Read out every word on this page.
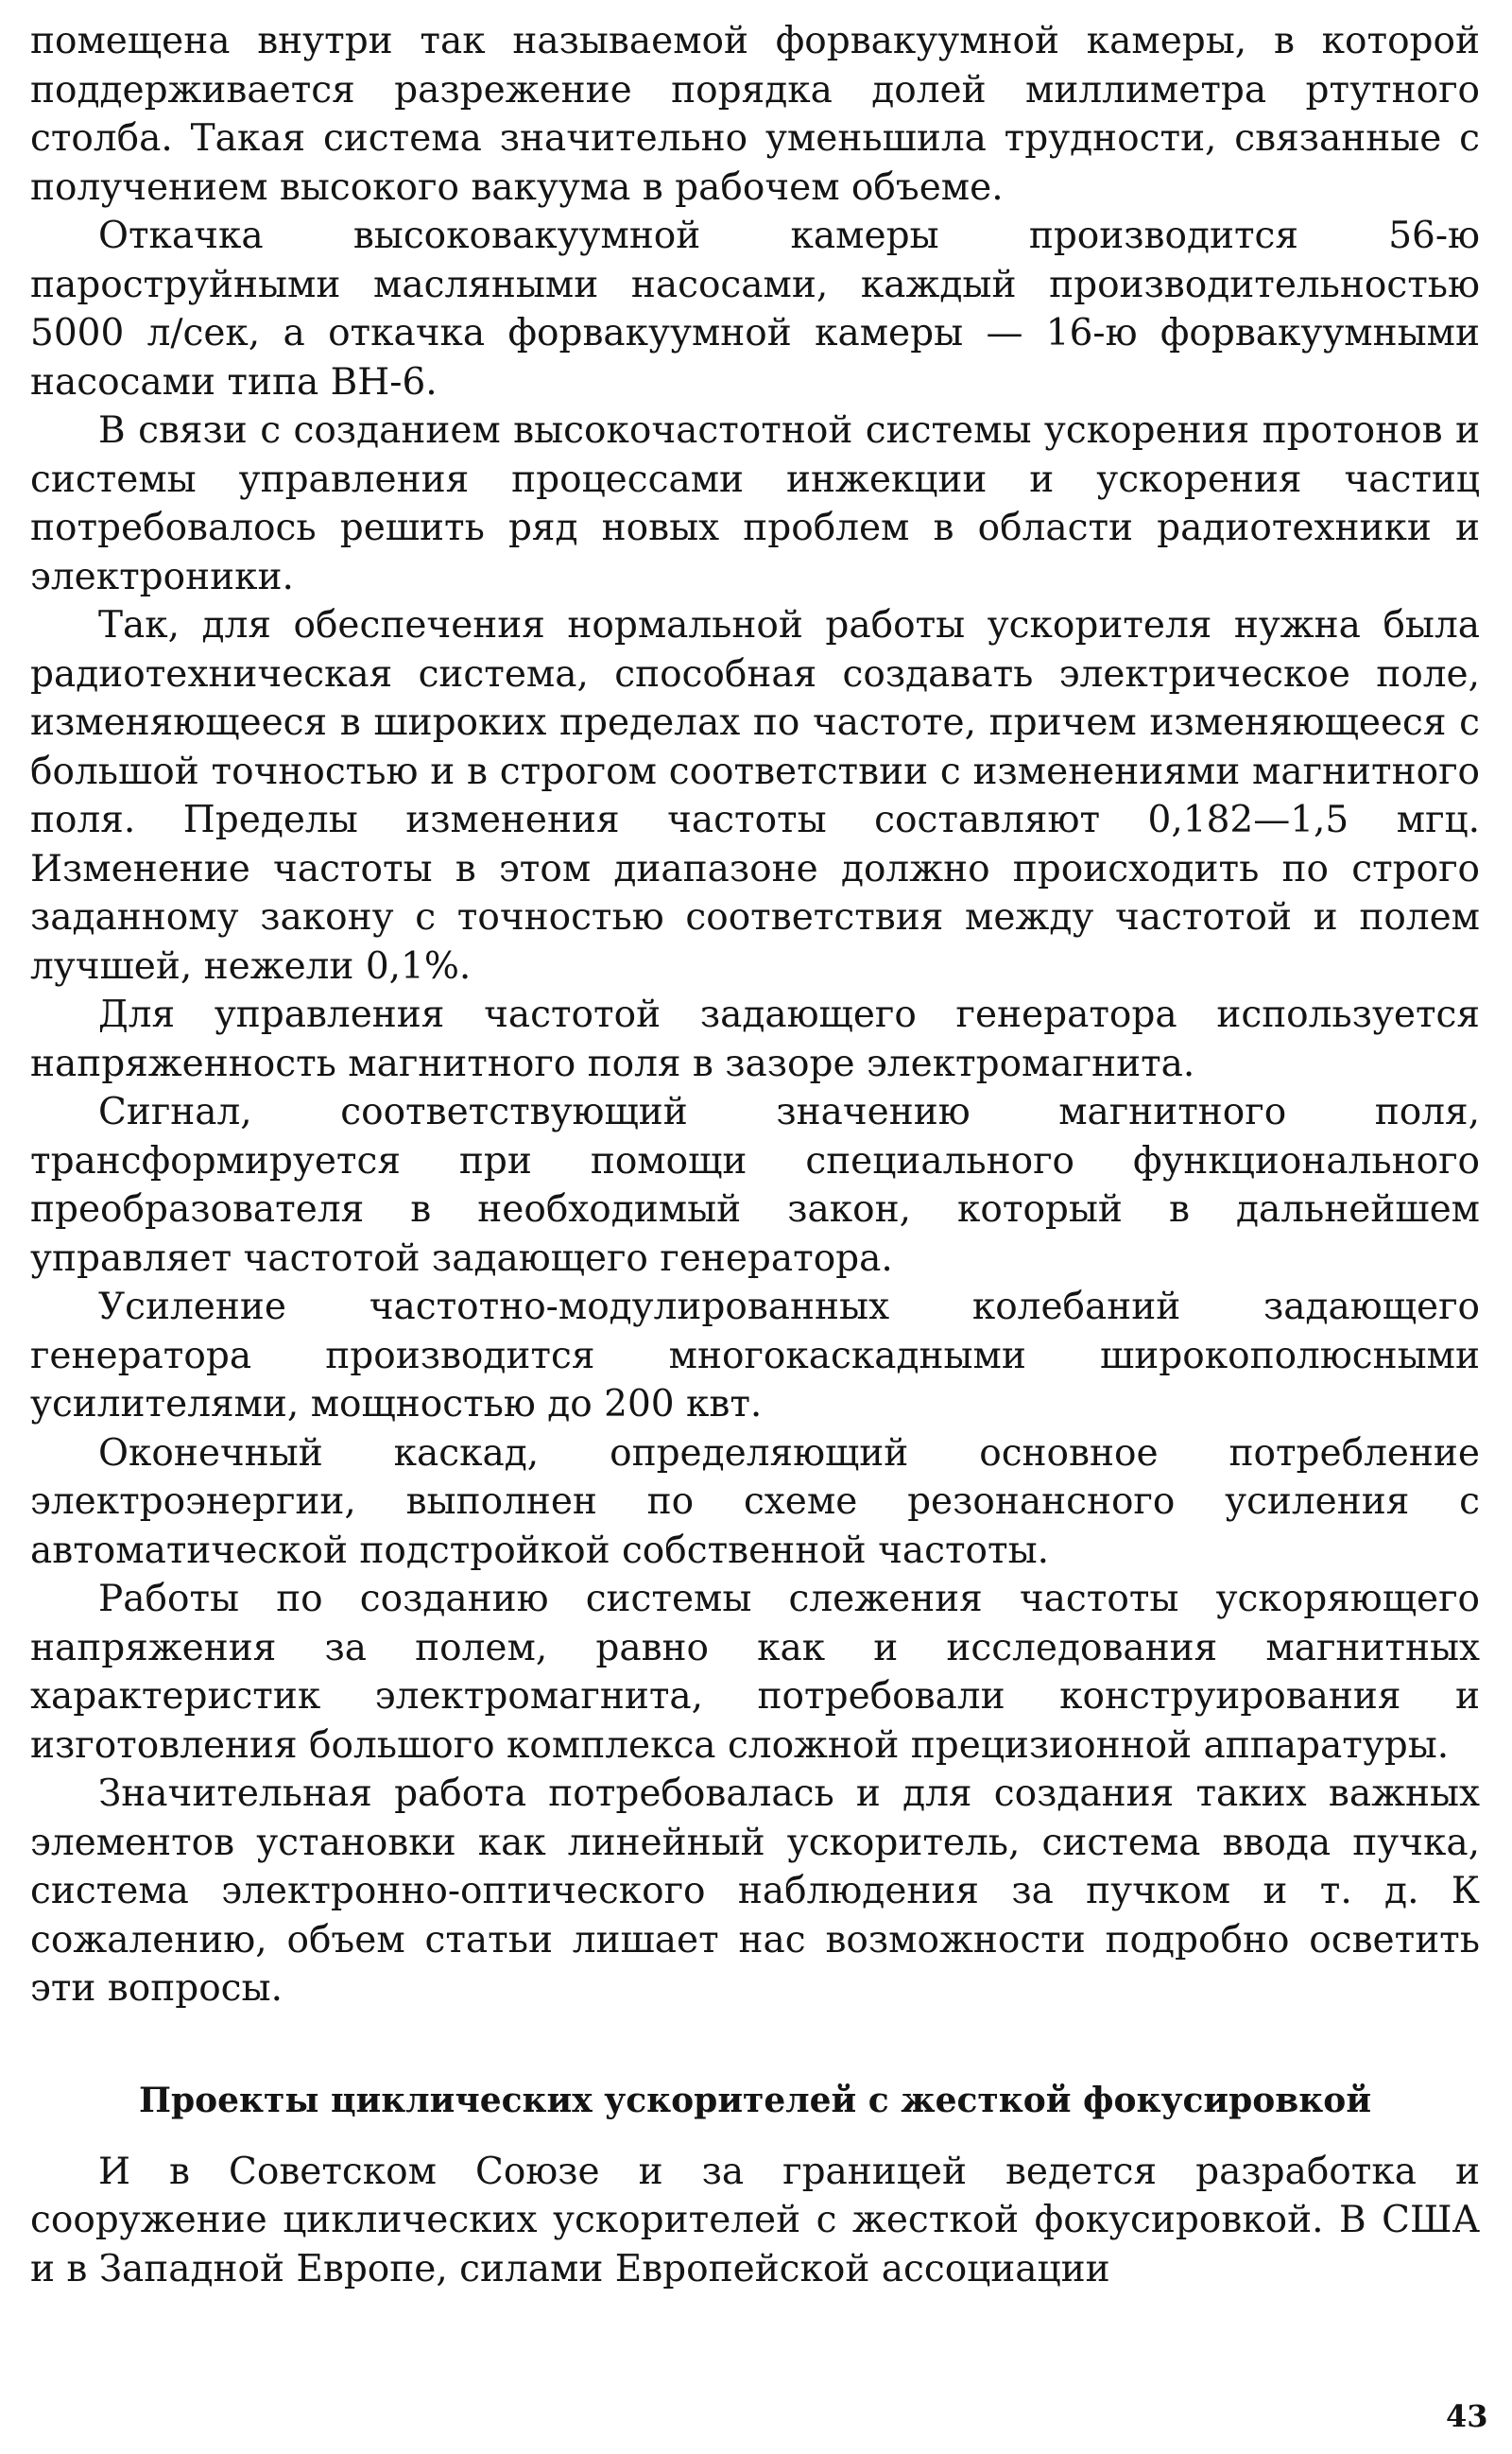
помещена внутри так называемой форвакуумной камеры, в которой поддерживается разрежение порядка долей миллиметра ртутного столба. Такая система значительно уменьшила трудности, связанные с получением высокого вакуума в рабочем объеме.

Откачка высоковакуумной камеры производится 56-ю пароструйными масляными насосами, каждый производительностью 5000 л/сек, а откачка форвакуумной камеры — 16-ю форвакуумными насосами типа ВН-6.

В связи с созданием высокочастотной системы ускорения протонов и системы управления процессами инжекции и ускорения частиц потребовалось решить ряд новых проблем в области радиотехники и электроники.

Так, для обеспечения нормальной работы ускорителя нужна была радиотехническая система, способная создавать электрическое поле, изменяющееся в широких пределах по частоте, причем изменяющееся с большой точностью и в строгом соответствии с изменениями магнитного поля. Пределы изменения частоты составляют 0,182—1,5 мгц. Изменение частоты в этом диапазоне должно происходить по строго заданному закону с точностью соответствия между частотой и полем лучшей, нежели 0,1%.

Для управления частотой задающего генератора используется напряженность магнитного поля в зазоре электромагнита.

Сигнал, соответствующий значению магнитного поля, трансформируется при помощи специального функционального преобразователя в необходимый закон, который в дальнейшем управляет частотой задающего генератора.

Усиление частотно-модулированных колебаний задающего генератора производится многокаскадными широкополюсными усилителями, мощностью до 200 квт.

Оконечный каскад, определяющий основное потребление электроэнергии, выполнен по схеме резонансного усиления с автоматической подстройкой собственной частоты.

Работы по созданию системы слежения частоты ускоряющего напряжения за полем, равно как и исследования магнитных характеристик электромагнита, потребовали конструирования и изготовления большого комплекса сложной прецизионной аппаратуры.

Значительная работа потребовалась и для создания таких важных элементов установки как линейный ускоритель, система ввода пучка, система электронно-оптического наблюдения за пучком и т. д. К сожалению, объем статьи лишает нас возможности подробно осветить эти вопросы.

Проекты циклических ускорителей с жесткой фокусировкой

И в Советском Союзе и за границей ведется разработка и сооружение циклических ускорителей с жесткой фокусировкой. В США и в Западной Европе, силами Европейской ассоциации

43
